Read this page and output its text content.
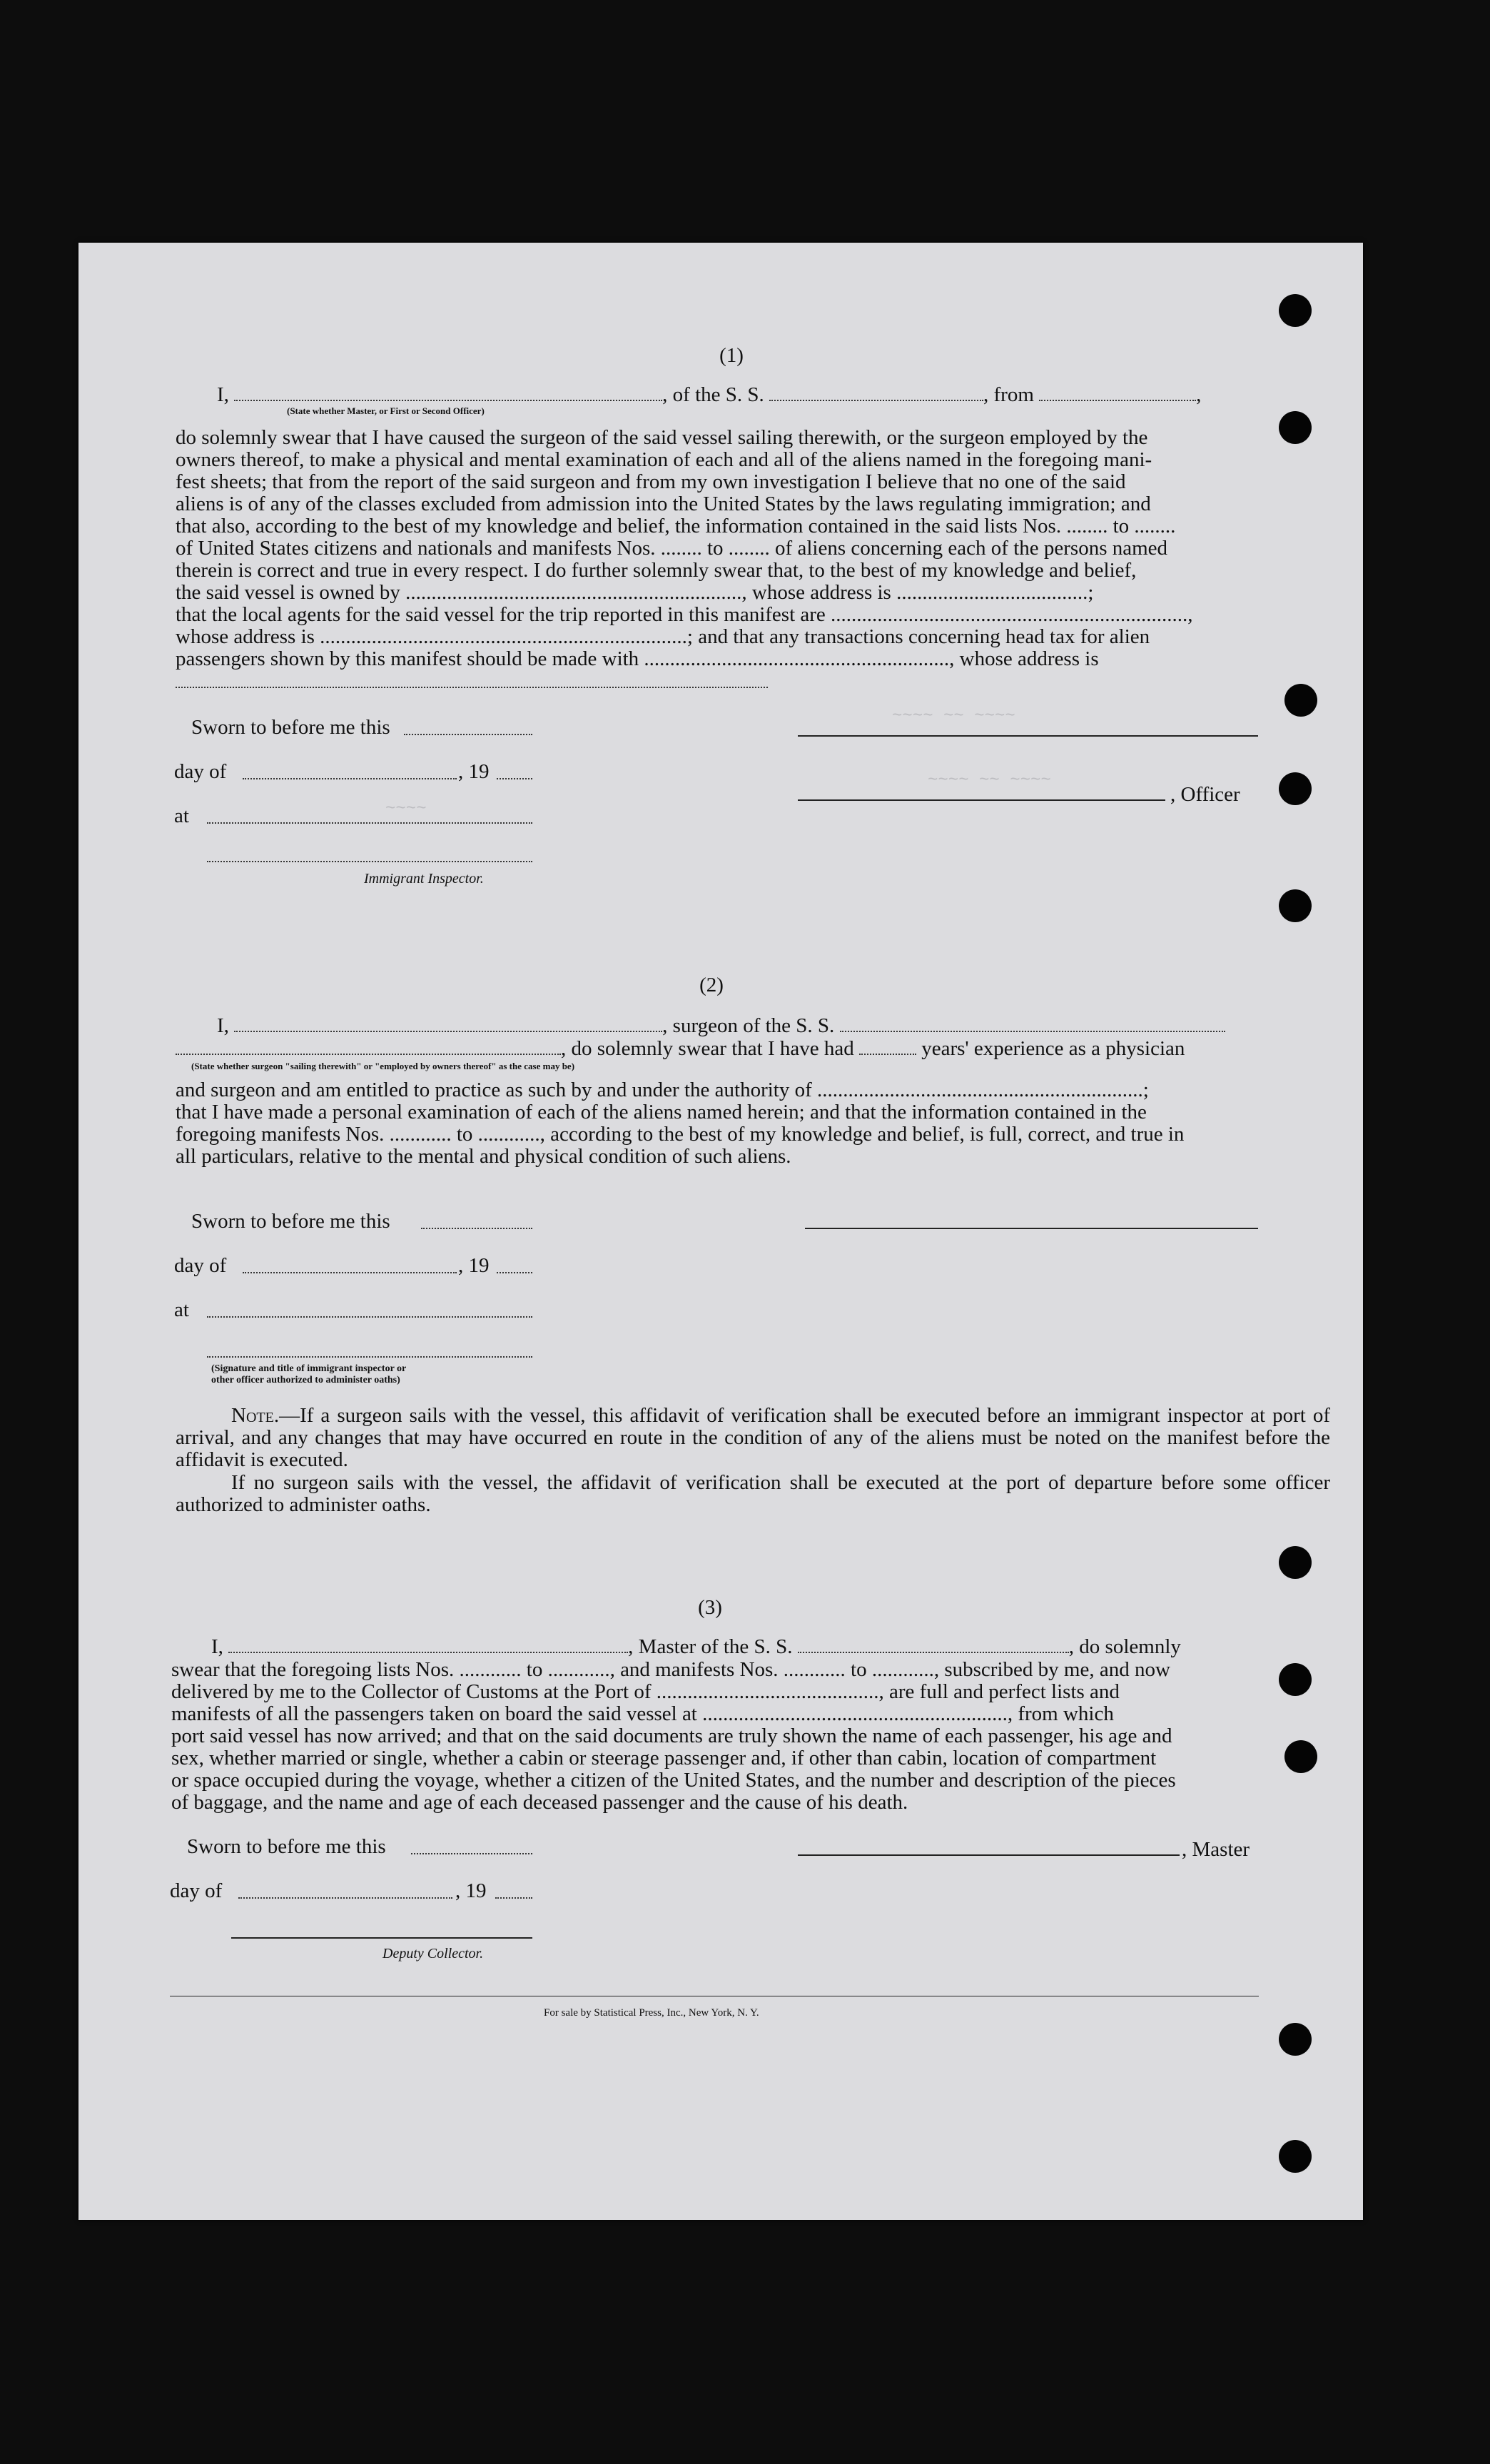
(1)
I,	, of the S. S.	, from	,
(State whether Master, or First or Second Officer)
do solemnly swear that I have caused the surgeon of the said vessel sailing therewith, or the surgeon employed by the
owners thereof, to make a physical and mental examination of each and all of the aliens named in the foregoing mani-
fest sheets; that from the report of the said surgeon and from my own investigation I believe that no one of the said
aliens is of any of the classes excluded from admission into the United States by the laws regulating immigration; and
that also, according to the best of my knowledge and belief, the information contained in the said lists Nos. ........ to ........
of United States citizens and nationals and manifests Nos. ........ to ........ of aliens concerning each of the persons named
therein is correct and true in every respect. I do further solemnly swear that, to the best of my knowledge and belief,
the said vessel is owned by ................................................................., whose address is .....................................;
that the local agents for the said vessel for the trip reported in this manifest are .....................................................................,
whose address is .......................................................................; and that any transactions concerning head tax for alien
passengers shown by this manifest should be made with ..........................................................., whose address is
Sworn to before me this
day of	, 19
at
Immigrant Inspector.
, Officer
~~~~ ~~ ~~~~
~~~~ ~~ ~~~~
~~~~
(2)
I,	, surgeon of the S. S.
, do solemnly swear that I have had	years' experience as a physician
(State whether surgeon "sailing therewith" or "employed by owners thereof" as the case may be)
and surgeon and am entitled to practice as such by and under the authority of ...............................................................;
that I have made a personal examination of each of the aliens named herein; and that the information contained in the
foregoing manifests Nos. ............ to ............, according to the best of my knowledge and belief, is full, correct, and true in
all particulars, relative to the mental and physical condition of such aliens.
Sworn to before me this
day of	, 19
at
(Signature and title of immigrant inspector or
other officer authorized to administer oaths)
Note.—If a surgeon sails with the vessel, this affidavit of verification shall be executed before an immigrant inspector at port of arrival, and any changes that may have occurred en route in the condition of any of the aliens must be noted on the manifest before the affidavit is executed.
If no surgeon sails with the vessel, the affidavit of verification shall be executed at the port of departure before some officer authorized to administer oaths.
(3)
I,	, Master of the S. S.	, do solemnly
swear that the foregoing lists Nos. ............ to ............, and manifests Nos. ............ to ............, subscribed by me, and now
delivered by me to the Collector of Customs at the Port of ..........................................., are full and perfect lists and
manifests of all the passengers taken on board the said vessel at ..........................................................., from which
port said vessel has now arrived; and that on the said documents are truly shown the name of each passenger, his age and
sex, whether married or single, whether a cabin or steerage passenger and, if other than cabin, location of compartment
or space occupied during the voyage, whether a citizen of the United States, and the number and description of the pieces
of baggage, and the name and age of each deceased passenger and the cause of his death.
Sworn to before me this
day of	, 19
Deputy Collector.
, Master
For sale by Statistical Press, Inc., New York, N. Y.
